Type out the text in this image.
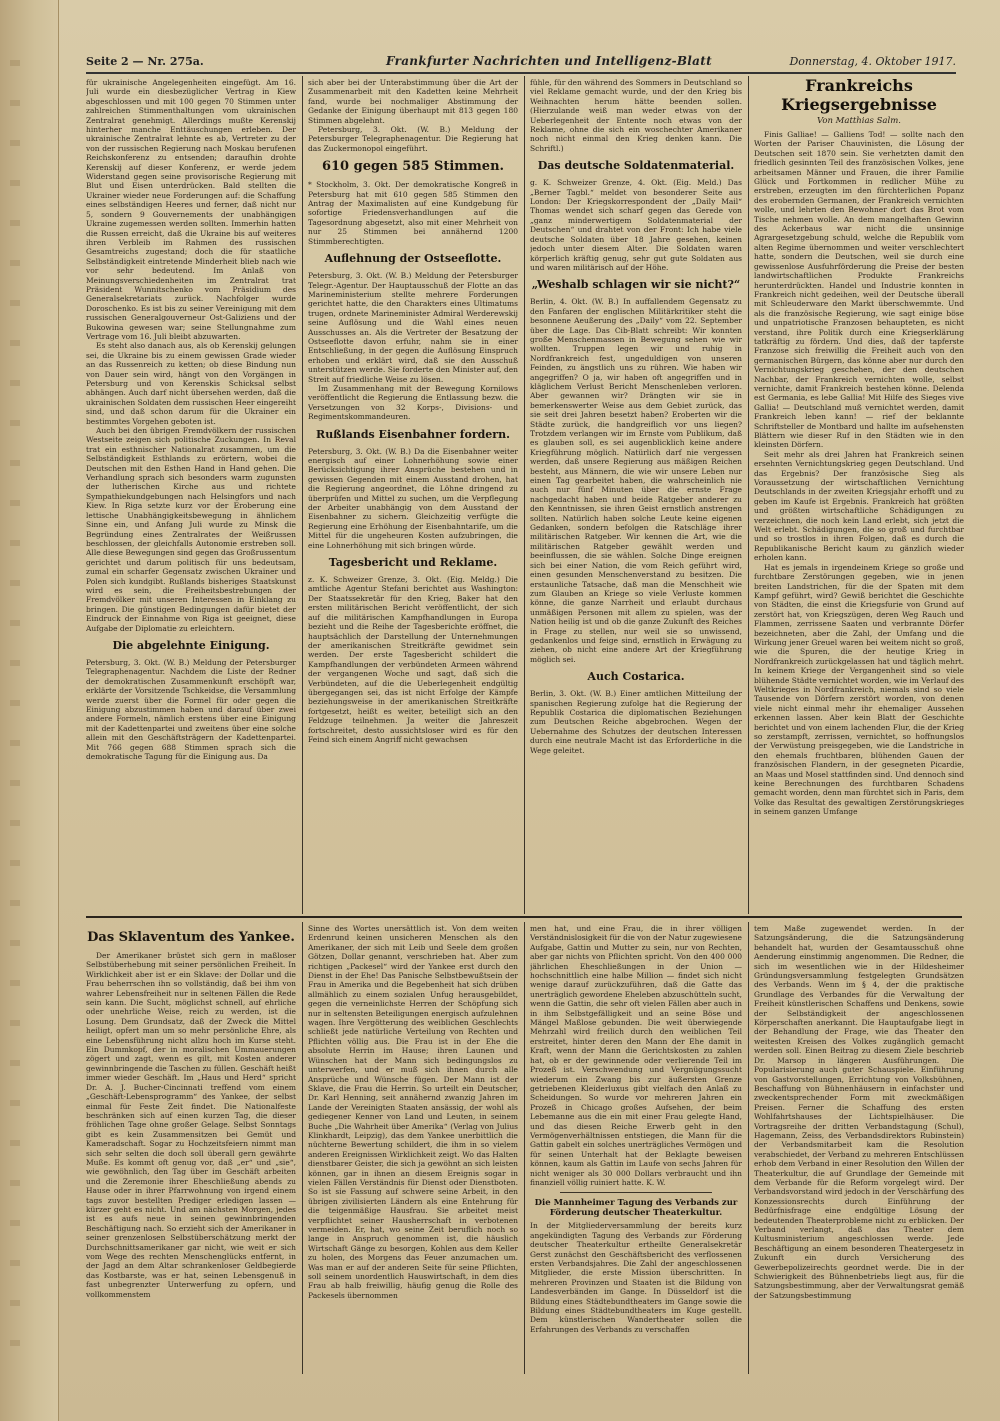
Seite 2 — Nr. 275a.	Frankfurter Nachrichten und Intelligenz-Blatt	Donnerstag, 4. Oktober 1917.

für ukrainische Angelegenheiten eingefügt. Am 16. Juli wurde ein diesbezüglicher Vertrag in Kiew abgeschlossen und mit 100 gegen 70 Stimmen unter zahlreichen Stimmenthaltungen vom ukrainischen Zentralrat genehmigt. Allerdings mußte Kerenskij hinterher manche Enttäuschungen erleben. Der ukrainische Zentralrat lehnte es ab, Vertreter zu der von der russischen Regierung nach Moskau berufenen Reichskonferenz zu entsenden; daraufhin drohte Kerenskij auf dieser Konferenz, er werde jedem Widerstand gegen seine provisorische Regierung mit Blut und Eisen unterdrücken. Bald stellten die Ukrainer wieder neue Forderungen auf: die Schaffung eines selbständigen Heeres und ferner, daß nicht nur 5, sondern 9 Gouvernements der unabhängigen Ukraine zugemessen werden sollten. Immerhin hatten die Russen erreicht, daß die Ukraine bis auf weiteres ihren Verbleib im Rahmen des russischen Gesamtreichs zugestand; doch die für staatliche Selbständigkeit eintretende Minderheit blieb nach wie vor sehr bedeutend. Im Anlaß von Meinungsverschiedenheiten im Zentralrat trat Präsident Wunnitschenko vom Präsidium des Generalsekretariats zurück. Nachfolger wurde Doroschenko. Es ist bis zu seiner Vereinigung mit dem russischen Generalgouverneur Ost-Galiziens und der Bukowina gewesen war; seine Stellungnahme zum Vertrage vom 16. Juli bleibt abzuwarten.

Es steht also danach aus, als ob Kerenskij gelungen sei, die Ukraine bis zu einem gewissen Grade wieder an das Russenreich zu ketten; ob diese Bindung nun von Dauer sein wird, hängt von den Vorgängen in Petersburg und von Kerenskis Schicksal selbst abhängen. Auch darf nicht übersehen werden, daß die ukrainischen Soldaten dem russischen Heer eingereiht sind, und daß schon darum für die Ukrainer ein bestimmtes Vorgehen geboten ist.

Auch bei den übrigen Fremdvölkern der russischen Westseite zeigen sich politische Zuckungen. In Reval trat ein esthnischer Nationalrat zusammen, um die Selbständigkeit Esthlands zu erörtern, wobei die Deutschen mit den Esthen Hand in Hand gehen. Die Verhandlung sprach sich besonders warm zugunsten der lutherischen Kirche aus und richtete Sympathiekundgebungen nach Helsingfors und nach Kiew. In Riga setzte kurz vor der Eroberung eine lettische Unabhängigkeitsbewegung in ähnlichem Sinne ein, und Anfang Juli wurde zu Minsk die Begründung eines Zentralrates der Weißrussen beschlossen, der gleichfalls Autonomie erstreben soll. Alle diese Bewegungen sind gegen das Großrussentum gerichtet und darum politisch für uns bedeutsam, zumal ein scharfer Gegensatz zwischen Ukrainer und Polen sich kundgibt. Rußlands bisheriges Staatskunst wird es sein, die Freiheitsbestrebungen der Fremdvölker mit unseren Interessen in Einklang zu bringen. Die günstigen Bedingungen dafür bietet der Eindruck der Einnahme von Riga ist geeignet, diese Aufgabe der Diplomatie zu erleichtern.

Die abgelehnte Einigung.

Petersburg, 3. Okt. (W. B.) Meldung der Petersburger Telegraphenagentur. Nachdem die Liste der Redner der demokratischen Zusammenkunft erschöpft war, erklärte der Vorsitzende Tschkeidse, die Versammlung werde zuerst über die Formel für oder gegen die Einigung abzustimmen haben und darauf über zwei andere Formeln, nämlich erstens über eine Einigung mit der Kadettenpartei und zweitens über eine solche allein mit den Geschäftsträgern der Kadettenpartei. Mit 766 gegen 688 Stimmen sprach sich die demokratische Tagung für die Einigung aus. Da

sich aber bei der Unterabstimmung über die Art der Zusammenarbeit mit den Kadetten keine Mehrheit fand, wurde bei nochmaliger Abstimmung der Gedanke der Einigung überhaupt mit 813 gegen 180 Stimmen abgelehnt.

Petersburg, 3. Okt. (W. B.) Meldung der Petersburger Telegraphenagentur. Die Regierung hat das Zuckermonopol eingeführt.

610 gegen 585 Stimmen.

* Stockholm, 3. Okt. Der demokratische Kongreß in Petersburg hat mit 610 gegen 585 Stimmen den Antrag der Maximalisten auf eine Kundgebung für sofortige Friedensverhandlungen auf die Tagesordnung abgesetzt, also mit einer Mehrheit von nur 25 Stimmen bei annähernd 1200 Stimmberechtigten.

Auflehnung der Ostseeflotte.

Petersburg, 3. Okt. (W. B.) Meldung der Petersburger Telegr.-Agentur. Der Hauptausschuß der Flotte an das Marineministerium stellte mehrere Forderungen gerichtet hatte, die den Charakters eines Ultimatums trugen, ordnete Marineminister Admiral Werderewskij seine Auflösung und die Wahl eines neuen Ausschusses an. Als die Vertreter der Besatzung der Ostseeflotte davon erfuhr, nahm sie in einer Entschließung, in der gegen die Auflösung Einspruch erhoben und erklärt wird, daß sie den Ausschuß unterstützen werde. Sie forderte den Minister auf, den Streit auf friedliche Weise zu lösen.

Im Zusammenhang mit der Bewegung Kornilows veröffentlicht die Regierung die Entlassung bezw. die Versetzungen von 32 Korps-, Divisions- und Regimentskommandeuren.

Rußlands Eisenbahner fordern.

Petersburg, 3. Okt. (W. B.) Da die Eisenbahner weiter energisch auf einer Lohnerhöhung sowie einer Berücksichtigung ihrer Ansprüche bestehen und in gewissen Gegenden mit einem Ausstand drohen, hat die Regierung angeordnet, die Löhne dringend zu überprüfen und Mittel zu suchen, um die Verpflegung der Arbeiter unabhängig von dem Ausstand der Eisenbahner zu sichern. Gleichzeitig verfügte die Regierung eine Erhöhung der Eisenbahntarife, um die Mittel für die ungeheuren Kosten aufzubringen, die eine Lohnerhöhung mit sich bringen würde.

Tagesbericht und Reklame.

z. K. Schweizer Grenze, 3. Okt. (Eig. Meldg.) Die amtliche Agentur Stefani berichtet aus Washington: Der Staatssekretär für den Krieg, Baker hat den ersten militärischen Bericht veröffentlicht, der sich auf die militärischen Kampfhandlungen in Europa bezieht und die Reihe der Tagesberichte eröffnet, die hauptsächlich der Darstellung der Unternehmungen der amerikanischen Streitkräfte gewidmet sein werden. Der erste Tagesbericht schildert die Kampfhandlungen der verbündeten Armeen während der vergangenen Woche und sagt, daß sich die Verbündeten, auf die die Ueberlegenheit endgültig übergegangen sei, das ist nicht Erfolge der Kämpfe beziehungsweise in der amerikanischen Streitkräfte fortgesetzt, heißt es weiter, beteiligt sich an den Feldzuge teilnehmen. Ja weiter die Jahreszeit fortschreitet, desto aussichtsloser wird es für den Feind sich einem Angriff nicht gewachsen

fühle, für den während des Sommers in Deutschland so viel Reklame gemacht wurde, und der den Krieg bis Weihnachten herum hätte beenden sollen. (Hierzulande weiß man weder etwas von der Ueberlegenheit der Entente noch etwas von der Reklame, ohne die sich ein woschechter Amerikaner noch nicht einmal den Krieg denken kann. Die Schriftl.)

Das deutsche Soldatenmaterial.

g. K. Schweizer Grenze, 4. Okt. (Eig. Meld.) Das „Berner Tagbl.“ meldet von besonderer Seite aus London: Der Kriegskorrespondent der „Daily Mail“ Thomas wendet sich scharf gegen das Gerede von „ganz minderwertigem Soldatenmaterial der Deutschen“ und drahtet von der Front: Ich habe viele deutsche Soldaten über 18 Jahre gesehen, keinen jedoch unter diesem Alter. Die Soldaten waren körperlich kräftig genug, sehr gut gute Soldaten aus und waren militärisch auf der Höhe.

„Weshalb schlagen wir sie nicht?“

Berlin, 4. Okt. (W. B.) In auffallendem Gegensatz zu den Fanfaren der englischen Militärkritiker steht die besonnene Aeußerung des „Daily“ vom 22. September über die Lage. Das Cib-Blatt schreibt: Wir konnten große Menschenmassen in Bewegung sehen wie wir wollten. Truppen legen wir und ruhig in Nordfrankreich fest, ungeduldigen von unseren Feinden, zu ängstlich uns zu rühren. Wie haben wir angegriffen? O ja, wir haben oft angegriffen und in kläglichem Verlust Bericht Menschenleben verloren. Aber gewannen wir? Drängten wir sie in bemerkenswerter Weise aus dem Gebiet zurück, das sie seit drei Jahren besetzt haben? Eroberten wir die Städte zurück, die handgreiflich vor uns liegen? Trotzdem verlangen wir im Ernste vom Publikum, daß es glauben soll, es sei augenblicklich keine andere Kriegführung möglich. Natürlich darf nie vergessen werden, daß unsere Regierung aus mäßigen Reichen besteht, aus Männern, die wie wir unsere Leben nur einen Tag gearbeitet haben, die wahrscheinlich nie auch nur fünf Minuten über die ernste Frage nachgedacht haben und beide Ratgeber anderer zu den Kenntnissen, sie ihren Geist ernstlich anstrengen sollten. Natürlich haben solche Leute keine eigenen Gedanken, sondern befolgen die Ratschläge ihrer militärischen Ratgeber. Wir kennen die Art, wie die militärischen Ratgeber gewählt werden und beeinflussen, die sie wählen. Solche Dinge ereignen sich bei einer Nation, die vom Reich geführt wird, einen gesunden Menschenverstand zu besitzen. Die erstaunliche Tatsache, daß man die Menschheit wie zum Glauben an Kriege so viele Verluste kommen könne, die ganze Narrheit und erlaubt durchaus unmäßigen Personen mit allem zu spielen, was der Nation heilig ist und ob die ganze Zukunft des Reiches in Frage zu stellen, nur weil sie so unwissend, gedankenlos und feige sind, ernstlich in Erwägung zu ziehen, ob nicht eine andere Art der Kriegführung möglich sei.

Auch Costarica.

Berlin, 3. Okt. (W. B.) Einer amtlichen Mitteilung der spanischen Regierung zufolge hat die Regierung der Republik Costarica die diplomatischen Beziehungen zum Deutschen Reiche abgebrochen. Wegen der Uebernahme des Schutzes der deutschen Interessen durch eine neutrale Macht ist das Erforderliche in die Wege geleitet.

Frankreichs Kriegsergebnisse
Von Matthias Salm.

Finis Galliae! — Galliens Tod! — sollte nach den Worten der Pariser Chauvinisten, die Lösung der Deutschen seit 1870 sein. Sie verhetzten damit den friedlich gesinnten Teil des französischen Volkes, jene arbeitsamen Männer und Frauen, die ihrer Familie Glück und Fortkommen in redlicher Mühe zu erstreben, erzeugten im den fürchterlichen Popanz des erobernden Germanen, der Frankreich vernichten wolle, und lehrten den Bewohner dort das Brot vom Tische nehmen wolle. An dem mangelhaften Gewinn des Ackerbaus war nicht die unsinnige Agrargesetzgebung schuld, welche die Republik vom alten Regime übernommen und weiter verschlechtert hatte, sondern die Deutschen, weil sie durch eine gewissenlose Ausfuhrförderung die Preise der besten landwirtschaftlichen Produkte Frankreichs herunterdrückten. Handel und Industrie konnten in Frankreich nicht gedeihen, weil der Deutsche überall mit Schleuderware den Markt überschwemmte. Und als die französische Regierung, wie sagt einige böse und unpatriotische Franzosen behaupteten, es nicht verstand, ihre Politik durch eine Kriegserklärung tatkräftig zu fördern. Und dies, daß der tapferste Franzose sich freiwillig die Freiheit auch von den germanischen Bürgern, das könne aber nur durch den Vernichtungskrieg geschehen, der den deutschen Nachbar, der Frankreich vernichten wolle, selbst vernichte, damit Frankreich bestehen könne. Delenda est Germania, es lebe Gallia! Mit Hilfe des Sieges vive Gallia! — Deutschland muß vernichtet werden, damit Frankreich leben kann! — rief der beklannte Schriftsteller de Montbard und hallte im aufsehensten Blättern wie dieser Ruf in den Städten wie in den kleinsten Dörfern.

Seit mehr als drei Jahren hat Frankreich seinen ersehnten Vernichtungskrieg gegen Deutschland. Und das Ergebnis? Der französische Sieg als Voraussetzung der wirtschaftlichen Vernichtung Deutschlands in der zweiten Kriegsjahr erhofft und zu geben im Kaufe ist Ergebnis. Frankreich hat größten und größten wirtschaftliche Schädigungen zu verzeichnen, die noch kein Land erlebt, sich jetzt die Welt erlebt. Schädigungen, die so groß und furchtbar und so trostlos in ihren Folgen, daß es durch die Republikanische Bericht kaum zu gänzlich wieder erholen kann.

Hat es jemals in irgendeinem Kriege so große und furchtbare Zerstörungen gegeben, wie in jenen breiten Landstrichen, für die der Spaten mit dem Kampf geführt, wird? Gewiß berichtet die Geschichte von Städten, die einst die Kriegsfurie von Grund auf zerstört hat, von Kriegszügen, deren Weg Rauch und Flammen, zerrissene Saaten und verbrannte Dörfer bezeichneten, aber die Zahl, der Umfang und die Wirkung jener Greuel waren bei weitem nicht so groß, wie die Spuren, die der heutige Krieg in Nordfrankreich zurückgelassen hat und täglich mehrt. In keinem Kriege der Vergangenheit sind so viele blühende Städte vernichtet worden, wie im Verlauf des Weltkrieges in Nordfrankreich, niemals sind so viele Tausende von Dörfern zerstört worden, von denen viele nicht einmal mehr ihr ehemaliger Aussehen erkennen lassen. Aber kein Blatt der Geschichte berichtet und von einem lachenden Flur, die der Krieg so zerstampft, zerrissen, vernichtet, so hoffnungslos der Verwüstung preisgegeben, wie die Landstriche in den ehemals fruchtbaren, blühenden Gauen der französischen Flandern, in der gesegneten Picardie, an Maas und Mosel stattfinden sind. Und dennoch sind keine Berechnungen des furchtbaren Schadens gemacht worden, denn man fürchtet sich in Paris, dem Volke das Resultat des gewaltigen Zerstörungskrieges in seinem ganzen Umfange

Das Sklaventum des Yankee.

Der Amerikaner brüstet sich gern in maßloser Selbstüberhebung mit seiner persönlichen Freiheit. In Wirklichkeit aber ist er ein Sklave: der Dollar und die Frau beherrschen ihn so vollständig, daß bei ihm von wahrer Lebensfreiheit nur in seltenen Fällen die Rede sein kann. Die Sucht, möglichst schnell, auf ehrliche oder unehrliche Weise, reich zu werden, ist die Losung. Dem Grundsatz, daß der Zweck die Mittel heiligt, opfert man um so mehr persönliche Ehre, als eine Lebensführung nicht allzu hoch im Kurse steht. Ein Dummkopf, der in moralischen Ummauerungen zögert und zagt, wenn es gilt, mit Kosten anderer gewinnbringende die Taschen zu füllen. Geschäft heißt immer wieder Geschäft. Im „Haus und Herd“ spricht Dr. A. J. Bucher-Cincinnati treffend vom einem „Geschäft-Lebensprogramm“ des Yankee, der selbst einmal für Feste Zeit findet. Die Nationalfeste beschränken sich auf einen kurzen Tag, die dieser fröhlichen Tage ohne großer Gelage. Selbst Sonntags gibt es kein Zusammensitzen bei Gemüt und Kameradschaft. Sogar zu Hochzeitsfeiern nimmt man sich sehr selten die doch soll überall gern gewährte Muße. Es kommt oft genug vor, daß „er“ und „sie“, wie gewöhnlich, den Tag über im Geschäft arbeiten und die Zeremonie ihrer Eheschließung abends zu Hause oder in ihrer Pfarrwohnung von irgend einem tags zuvor bestellten Prediger erledigen lassen — kürzer geht es nicht. Und am nächsten Morgen, jedes ist es aufs neue in seinen gewinnbringenden Beschäftigung nach. So erzieht sich der Amerikaner in seiner grenzenlosen Selbstüberschätzung merkt der Durchschnittsamerikaner gar nicht, wie weit er sich vom Wege des rechten Menschenglücks entfernt, in der Jagd an dem Altar schrankenloser Geldbegierde das Kostbarste, was er hat, seinen Lebensgenuß in fast unbegrenzter Unterwerfung zu opfern, und vollkommenstem

Sinne des Wortes unersättlich ist. Von dem weiten Erdenrund keinen unsicheren Menschen als den Amerikaner, der sich mit Leib und Seele dem großen Götzen, Dollar genannt, verschrieben hat. Aber zum richtigen „Packesel“ wird der Yankee erst durch den Dienst in der Ehe! Das Panische Selbstbewußtsein der Frau in Amerika und die Begebenheit hat sich drüben allmählich zu einem sozialen Unfug herausgebildet, gegen die verneinlichste Herren der Schöpfung sich nur in seltensten Beteiligungen energisch aufzulehnen wagen. Ihre Vergötterung des weiblichen Geschlechts schließt jede natürliche Verteilung von Rechten und Pflichten völlig aus. Die Frau ist in der Ehe die absolute Herrin im Hause; ihren Launen und Wünschen hat der Mann sich bedingungslos zu unterwerfen, und er muß sich ihnen durch alle Ansprüche und Wünsche fügen. Der Mann ist der Sklave, die Frau die Herrin. So urteilt ein Deutscher, Dr. Karl Henning, seit annähernd zwanzig Jahren im Lande der Vereinigten Staaten ansässig, der wohl als gediegener Kenner von Land und Leuten, in seinem Buche „Die Wahrheit über Amerika“ (Verlag von Julius Klinkhardt, Leipzig), das dem Yankee unerbittlich die nüchterne Bewertung schildert, die ihm in so vielem anderen Ereignissen Wirklichkeit zeigt. Wo das Halten dienstbarer Geister, die sich ja gewöhnt an sich leisten können, gar in ihnen an diesem Ereignis sogar in vielen Fällen Verständnis für Dienst oder Dienstboten. So ist sie Fassung auf schwere seine Arbeit, in den übrigen zivilisierten Ländern als eine Entehrung für die teigenmäßige Hausfrau. Sie arbeitet meist verpflichtet seiner Hausherrschaft in verbotenen vermeiden. Er, hat, wo seine Zeit beruflich noch so lange in Anspruch genommen ist, die häuslich Wirtschaft Gänge zu besorgen, Kohlen aus dem Keller zu holen, des Morgens das Feuer anzumachen um. Was man er auf der anderen Seite für seine Pflichten, soll seinem unordentlich Hauswirtschaft, in dem dies Frau ab halb freiwillig, häufig genug die Rolle des Packesels übernommen

men hat, und eine Frau, die in ihrer völligen Verständnislosigkeit für die von der Natur zugewiesene Aufgabe, Gattin und Mutter zu sein, nur von Rechten, aber gar nichts von Pflichten spricht. Von den 400 000 jährlichen Eheschließungen in der Union — hochschnittlich eine halbe Million — findet sich nicht wenige darauf zurückzuführen, daß die Gatte das unerträglich gewordene Eheleben abzuschütteln sucht, wenn die Gattin, die sehr oft vielen Fällen aber auch in in ihm Selbstgefälligkeit und an seine Böse und Mängel Maßlose gebunden. Die weit überwiegende Mehrzahl wird freilich durch den weiblichen Teil erstreitet, hinter deren den Mann der Ehe damit in Kraft, wenn der Mann die Gerichtskosten zu zahlen hat, ob er der gewinnende oder verlierende Teil im Prozeß ist. Verschwendung und Vergnügungssucht wiederum ein Zwang bis zur äußersten Grenze getriebenen Kleiderluxus gibt vielfach den Anlaß zu Scheidungen. So wurde vor mehreren Jahren ein Prozeß in Chicago großes Aufsehen, der beim Lebemanne aus die ein mit einer Frau gelegte Hand, und das diesen Reiche Erwerb geht in den Vermögenverhältnissen entstiegen, die Mann für die Gattin gabelt ein solches unerträgliches Vermögen und für seinen Unterhalt hat der Beklagte beweisen können, kaum als Gattin im Laufe von sechs Jahren für nicht weniger als 30 000 Dollars verbraucht und ihn finanziell völlig ruiniert hatte. K. W.

Die Mannheimer Tagung des Verbands zur Förderung deutscher Theaterkultur.

In der Mitgliederversammlung der bereits kurz angekündigten Tagung des Verbands zur Förderung deutscher Theaterkultur ertheilte Generalsekretär Gerst zunächst den Geschäftsbericht des verflossenen ersten Verbandsjahres. Die Zahl der angeschlossenen Mitglieder, die erste Mission überschritten. In mehreren Provinzen und Staaten ist die Bildung von Landesverbänden im Gange. In Düsseldorf ist die Bildung eines Städtebundtheaters im Gange sowie die Bildung eines Städtebundtheaters im Kuge gestellt. Dem künstlerischen Wandertheater sollen die Erfahrungen des Verbands zu verschaffen

tem Maße zugewendet werden. In der Satzungsänderung, die die Satzungsänderung behandelt hat, wurden der Gesamtausschuß ohne Aenderung einstimmig angenommen. Die Redner, die sich im wesentlichen wie in der Hildesheimer Gründungsversammlung festgelegten Grundsätzen des Verbands. Wenn im § 4, der die praktische Grundlage des Verbandes für die Verwaltung der Freiheit künstlerischen Schaffens und Denkens, sowie der Selbständigkeit der angeschlossenen Körperschaften anerkannt. Die Hauptaufgabe liegt in der Behandlung der Frage, wie das Theater den weitesten Kreisen des Volkes zugänglich gemacht werden soll. Einen Beitrag zu diesem Ziele beschrieb Dr. Marsop in längeren Ausführungen. Die Popularisierung auch guter Schauspiele. Einführung von Gastvorstellungen, Errichtung von Volksbühnen, Beschaffung von Bühnenhäusern in einfachster und zweckentsprechender Form mit zweckmäßigen Preisen. Ferner die Schaffung des ersten Wohlfahrtshauses der Lichtspielhäuser. Die Vortragsreihe der dritten Verbandstagung (Schul), Hagemann, Zeiss, des Verbandsdirektors Rubinstein) der Verbandsmitarbeit kam die Resolution verabschiedet, der Verband zu mehreren Entschlüssen erhob dem Verband in einer Resolution den Willen der Theaterkultur, die auf Grundlage der Gemeinde mit dem Verbande für die Reform vorgelegt wird. Der Verbandsvorstand wird jedoch in der Verschärfung des Konzessionsrechts durch Einführung der Bedürfnisfrage eine endgültige Lösung der bedeutenden Theaterprobleme nicht zu erblicken. Der Verband verlangt, daß das Theater dem Kultusministerium angeschlossen werde. Jede Beschäftigung an einem besonderen Theatergesetz in Zukunft ein durch Versicherung des Gewerbepolizeirechts geordnet werde. Die in der Schwierigkeit des Bühnenbetriebs liegt aus, für die Satzungsbestimmung, aber der Verwaltungsrat gemäß der Satzungsbestimmung
